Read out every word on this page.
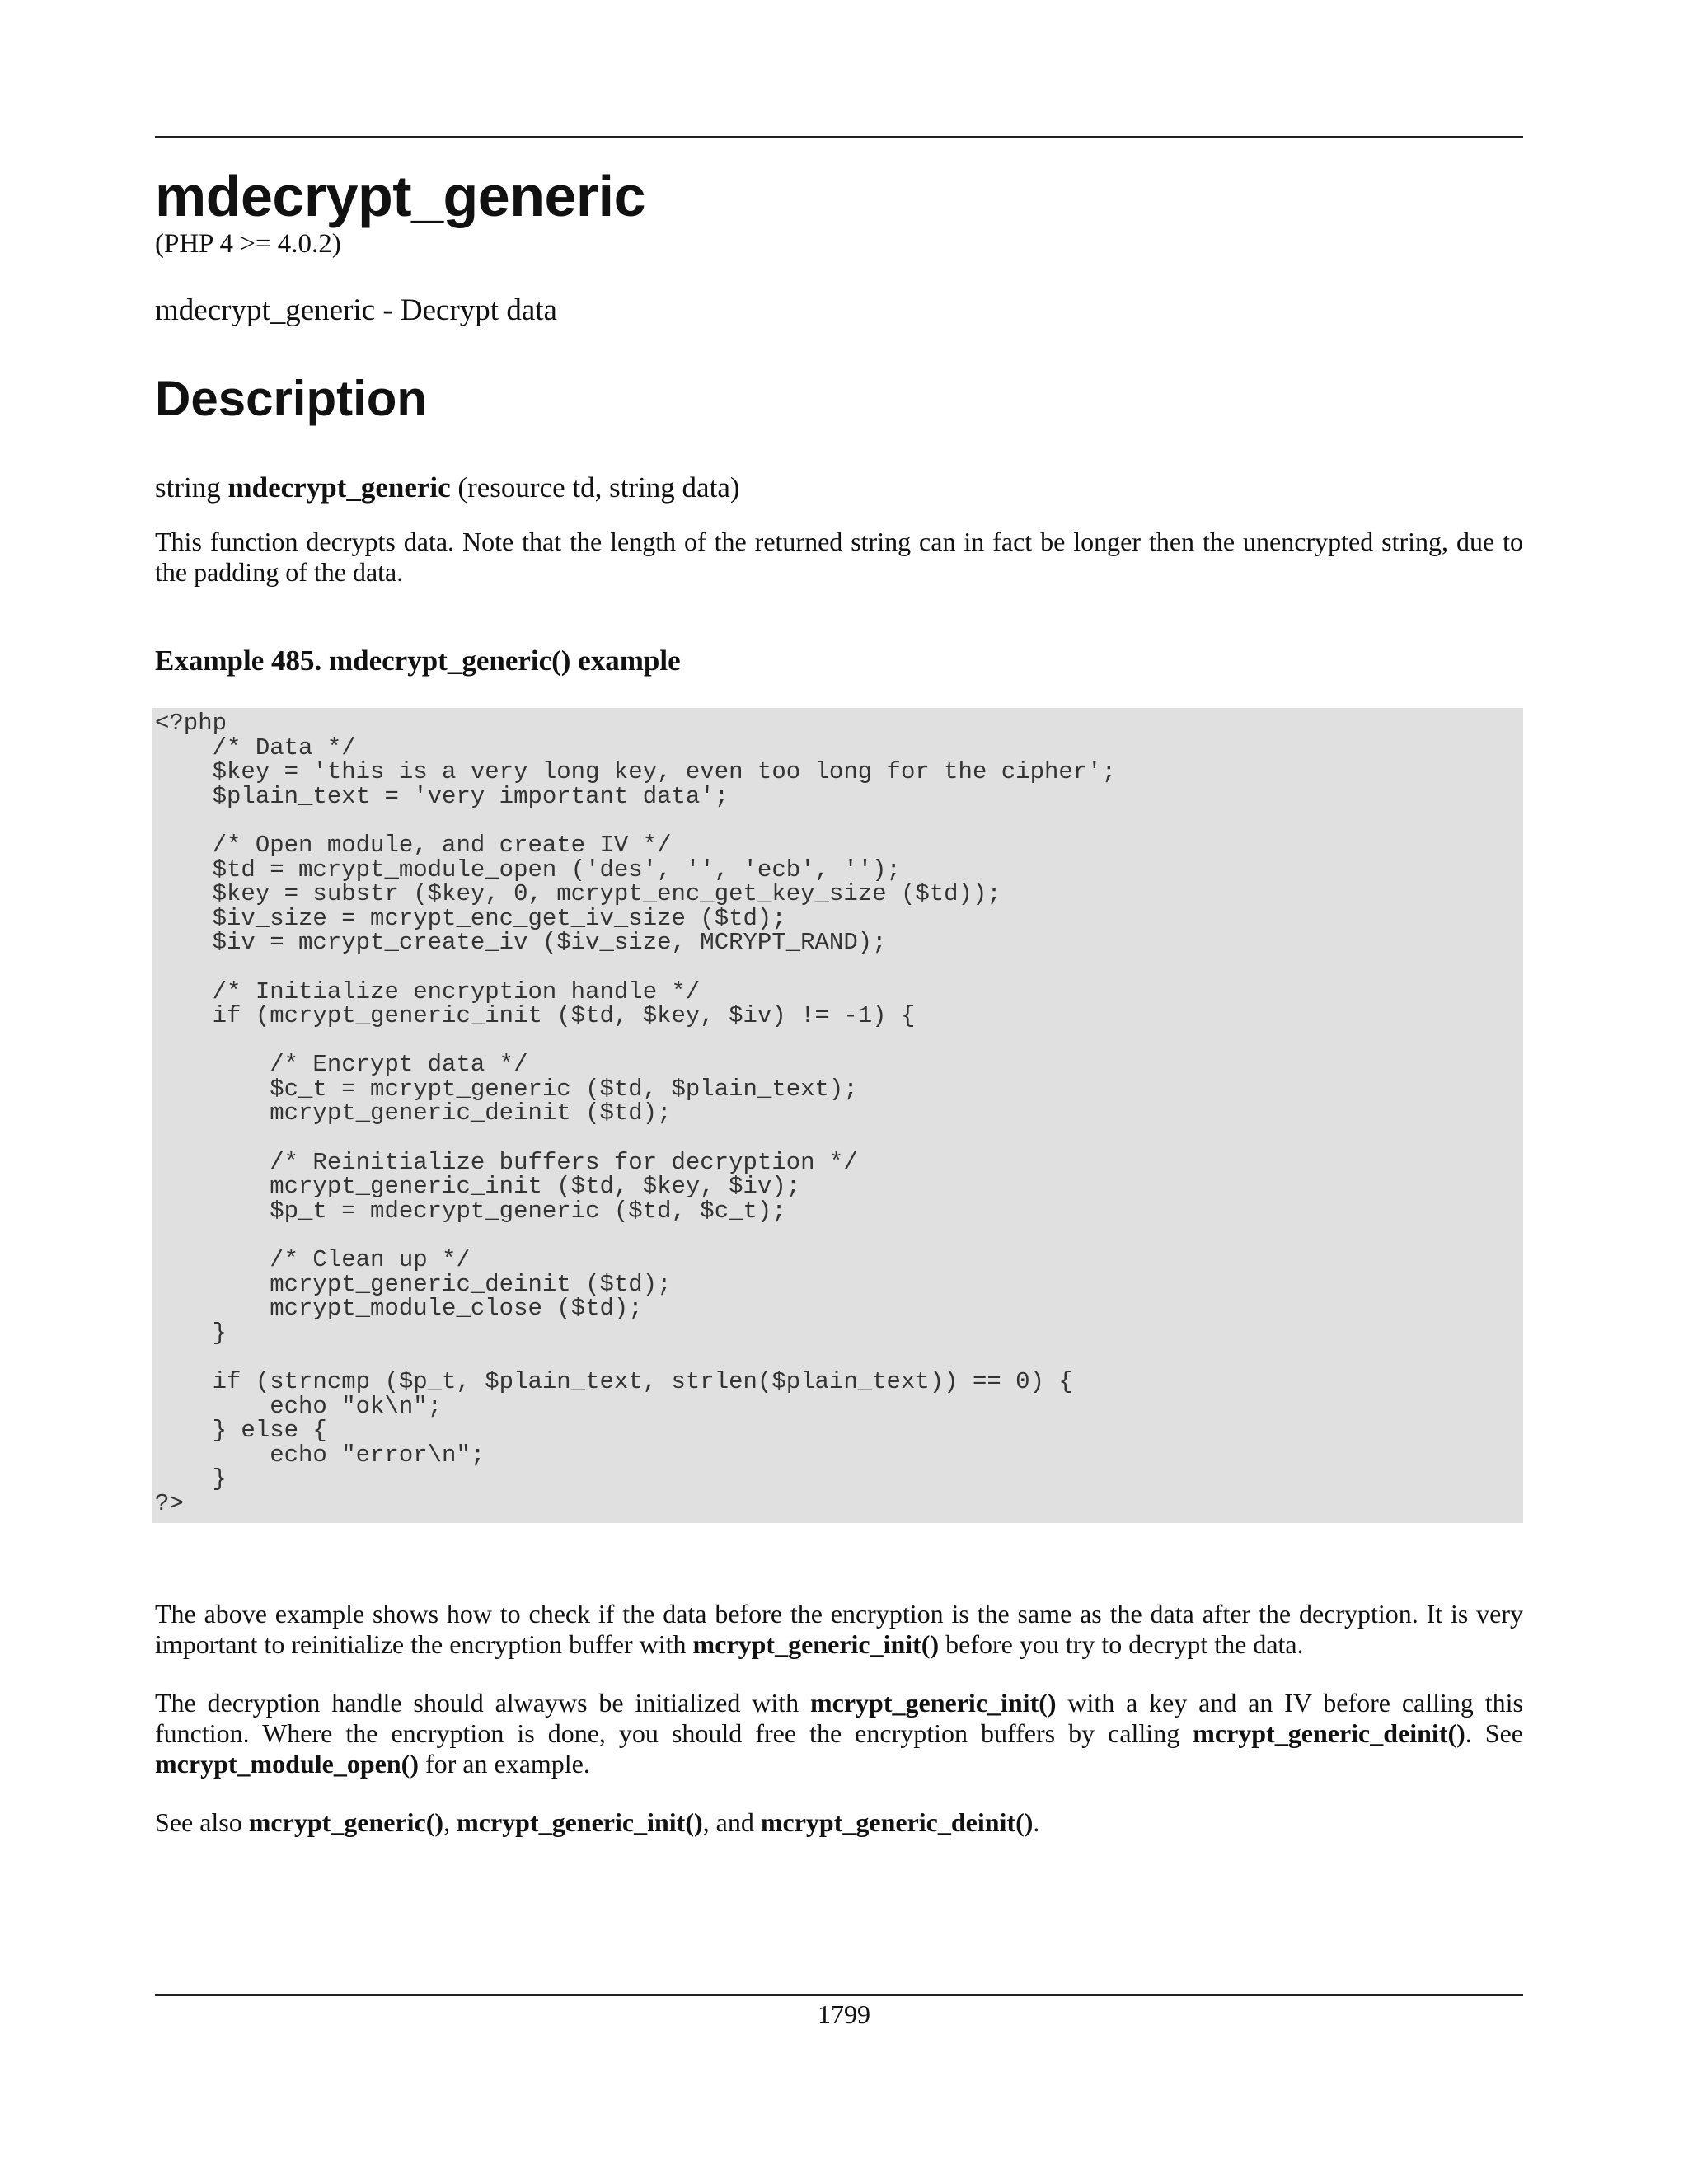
mdecrypt_generic
(PHP 4 >= 4.0.2)
mdecrypt_generic - Decrypt data
Description
string mdecrypt_generic (resource td, string data)

This function decrypts data. Note that the length of the returned string can in fact be longer then the unencrypted string, due to the padding of the data.

Example 485. mdecrypt_generic() example
<?php
/* Data */
$key = 'this is a very long key, even too long for the cipher';
$plain_text = 'very important data';

/* Open module, and create IV */
$td = mcrypt_module_open ('des', '', 'ecb', '');
$key = substr ($key, 0, mcrypt_enc_get_key_size ($td));
$iv_size = mcrypt_enc_get_iv_size ($td);
$iv = mcrypt_create_iv ($iv_size, MCRYPT_RAND);

/* Initialize encryption handle */
if (mcrypt_generic_init ($td, $key, $iv) != -1) {

/* Encrypt data */
$c_t = mcrypt_generic ($td, $plain_text);
mcrypt_generic_deinit ($td);

/* Reinitialize buffers for decryption */
mcrypt_generic_init ($td, $key, $iv);
$p_t = mdecrypt_generic ($td, $c_t);

/* Clean up */
mcrypt_generic_deinit ($td);
mcrypt_module_close ($td);
}

if (strncmp ($p_t, $plain_text, strlen($plain_text)) == 0) {
echo "ok\n";
} else {
echo "error\n";
}
?>

The above example shows how to check if the data before the encryption is the same as the data after the decryption. It is very important to reinitialize the encryption buffer with mcrypt_generic_init() before you try to decrypt the data.

The decryption handle should alwayws be initialized with mcrypt_generic_init() with a key and an IV before calling this function. Where the encryption is done, you should free the encryption buffers by calling mcrypt_generic_deinit(). See mcrypt_module_open() for an example.

See also mcrypt_generic(), mcrypt_generic_init(), and mcrypt_generic_deinit().

1799
